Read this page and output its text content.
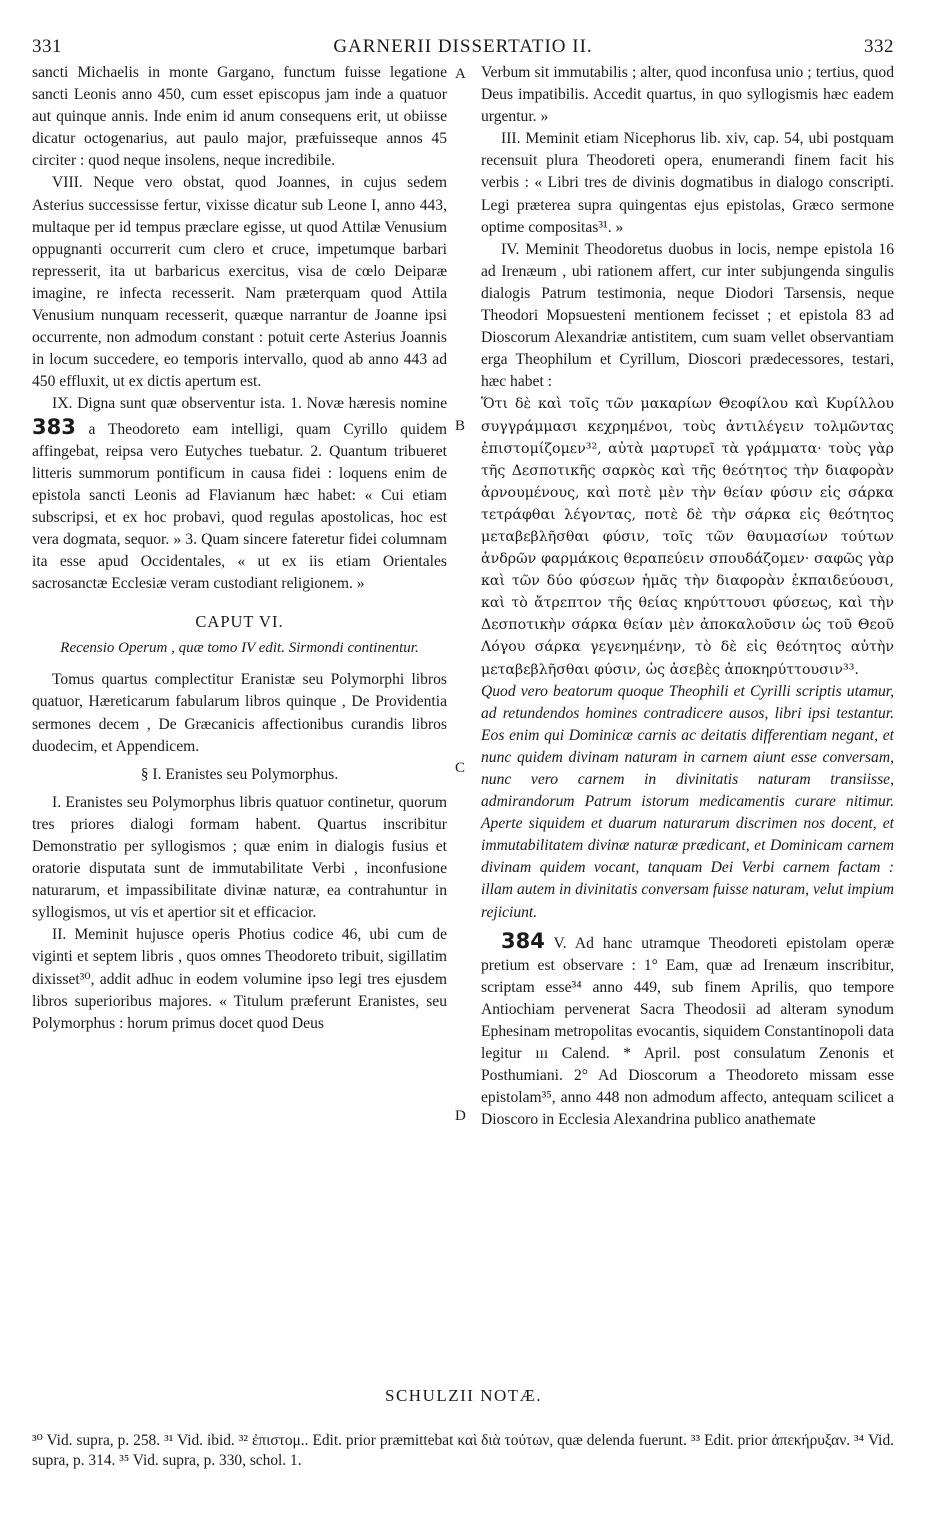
331	GARNERII DISSERTATIO II.	332
A
B
C
D

sancti Michaelis in monte Gargano, functum fuisse legatione sancti Leonis anno 450, cum esset episcopus jam inde a quatuor aut quinque annis. Inde enim id anum consequens erit, ut obiisse dicatur octogenarius, aut paulo major, præfuisseque annos 45 circiter : quod neque insolens, neque incredibile.

VIII. Neque vero obstat, quod Joannes, in cujus sedem Asterius successisse fertur, vixisse dicatur sub Leone I, anno 443, multaque per id tempus præclare egisse, ut quod Attilæ Venusium oppugnanti occurrerit cum clero et cruce, impetumque barbari represserit, ita ut barbaricus exercitus, visa de cœlo Deiparæ imagine, re infecta recesserit. Nam præterquam quod Attila Venusium nunquam recesserit, quæque narrantur de Joanne ipsi occurrente, non admodum constant : potuit certe Asterius Joannis in locum succedere, eo temporis intervallo, quod ab anno 443 ad 450 effluxit, ut ex dictis apertum est.

IX. Digna sunt quæ observentur ista. 1. Novæ hæresis nomine 383 a Theodoreto eam intelligi, quam Cyrillo quidem affingebat, reipsa vero Eutyches tuebatur. 2. Quantum tribueret litteris summorum pontificum in causa fidei : loquens enim de epistola sancti Leonis ad Flavianum hæc habet: « Cui etiam subscripsi, et ex hoc probavi, quod regulas apostolicas, hoc est vera dogmata, sequor. » 3. Quam sincere fateretur fidei columnam ita esse apud Occidentales, « ut ex iis etiam Orientales sacrosanctæ Ecclesiæ veram custodiant religionem. »

CAPUT VI.
Recensio Operum , quæ tomo IV edit. Sirmondi continentur.

Tomus quartus complectitur Eranistæ seu Polymorphi libros quatuor, Hæreticarum fabularum libros quinque , De Providentia sermones decem , De Græcanicis affectionibus curandis libros duodecim, et Appendicem.

§ I. Eranistes seu Polymorphus.

I. Eranistes seu Polymorphus libris quatuor continetur, quorum tres priores dialogi formam habent. Quartus inscribitur Demonstratio per syllogismos ; quæ enim in dialogis fusius et oratorie disputata sunt de immutabilitate Verbi , inconfusione naturarum, et impassibilitate divinæ naturæ, ea contrahuntur in syllogismos, ut vis et apertior sit et efficacior.

II. Meminit hujusce operis Photius codice 46, ubi cum de viginti et septem libris , quos omnes Theodoreto tribuit, sigillatim dixisset³⁰, addit adhuc in eodem volumine ipso legi tres ejusdem libros superioribus majores. « Titulum præferunt Eranistes, seu Polymorphus : horum primus docet quod Deus

Verbum sit immutabilis ; alter, quod inconfusa unio ; tertius, quod Deus impatibilis. Accedit quartus, in quo syllogismis hæc eadem urgentur. »

III. Meminit etiam Nicephorus lib. xiv, cap. 54, ubi postquam recensuit plura Theodoreti opera, enumerandi finem facit his verbis : « Libri tres de divinis dogmatibus in dialogo conscripti. Legi præterea supra quingentas ejus epistolas, Græco sermone optime compositas³¹. »

IV. Meminit Theodoretus duobus in locis, nempe epistola 16 ad Irenæum , ubi rationem affert, cur inter subjungenda singulis dialogis Patrum testimonia, neque Diodori Tarsensis, neque Theodori Mopsuesteni mentionem fecisset ; et epistola 83 ad Dioscorum Alexandriæ antistitem, cum suam vellet observantiam erga Theophilum et Cyrillum, Dioscori prædecessores, testari, hæc habet :

Ὅτι δὲ καὶ τοῖς τῶν μακαρίων Θεοφίλου καὶ Κυρίλλου συγγράμμασι κεχρημένοι, τοὺς ἀντιλέγειν τολμῶντας ἐπιστομίζομεν³², αὐτὰ μαρτυρεῖ τὰ γράμματα· τοὺς γὰρ τῆς Δεσποτικῆς σαρκὸς καὶ τῆς θεότητος τὴν διαφορὰν ἀρνουμένους, καὶ ποτὲ μὲν τὴν θείαν φύσιν εἰς σάρκα τετράφθαι λέγοντας, ποτὲ δὲ τὴν σάρκα εἰς θεότητος μεταβεβλῆσθαι φύσιν, τοῖς τῶν θαυμασίων τούτων ἀνδρῶν φαρμάκοις θεραπεύειν σπουδάζομεν· σαφῶς γὰρ καὶ τῶν δύο φύσεων ἡμᾶς τὴν διαφορὰν ἐκπαιδεύουσι, καὶ τὸ ἄτρεπτον τῆς θείας κηρύττουσι φύσεως, καὶ τὴν Δεσποτικὴν σάρκα θείαν μὲν ἀποκαλοῦσιν ὡς τοῦ Θεοῦ Λόγου σάρκα γεγενημένην, τὸ δὲ εἰς θεότητος αὐτὴν μεταβεβλῆσθαι φύσιν, ὡς ἀσεβὲς ἀποκηρύττουσιν³³.

Quod vero beatorum quoque Theophili et Cyrilli scriptis utamur, ad retundendos homines contradicere ausos, libri ipsi testantur. Eos enim qui Dominicæ carnis ac deitatis differentiam negant, et nunc quidem divinam naturam in carnem aiunt esse conversam, nunc vero carnem in divinitatis naturam transiisse, admirandorum Patrum istorum medicamentis curare nitimur. Aperte siquidem et duarum naturarum discrimen nos docent, et immutabilitatem divinæ naturæ prædicant, et Dominicam carnem divinam quidem vocant, tanquam Dei Verbi carnem factam : illam autem in divinitatis conversam fuisse naturam, velut impium rejiciunt.

384 V. Ad hanc utramque Theodoreti epistolam operæ pretium est observare : 1° Eam, quæ ad Irenæum inscribitur, scriptam esse³⁴ anno 449, sub finem Aprilis, quo tempore Antiochiam pervenerat Sacra Theodosii ad alteram synodum Ephesinam metropolitas evocantis, siquidem Constantinopoli data legitur ııı Calend. * April. post consulatum Zenonis et Posthumiani. 2° Ad Dioscorum a Theodoreto missam esse epistolam³⁵, anno 448 non admodum affecto, antequam scilicet a Dioscoro in Ecclesia Alexandrina publico anathemate

SCHULZII NOTÆ.
³⁰ Vid. supra, p. 258. ³¹ Vid. ibid. ³² ἐπιστομ.. Edit. prior præmittebat καὶ διὰ τούτων, quæ delenda fuerunt. ³³ Edit. prior ἀπεκήρυξαν. ³⁴ Vid. supra, p. 314. ³⁵ Vid. supra, p. 330, schol. 1.
